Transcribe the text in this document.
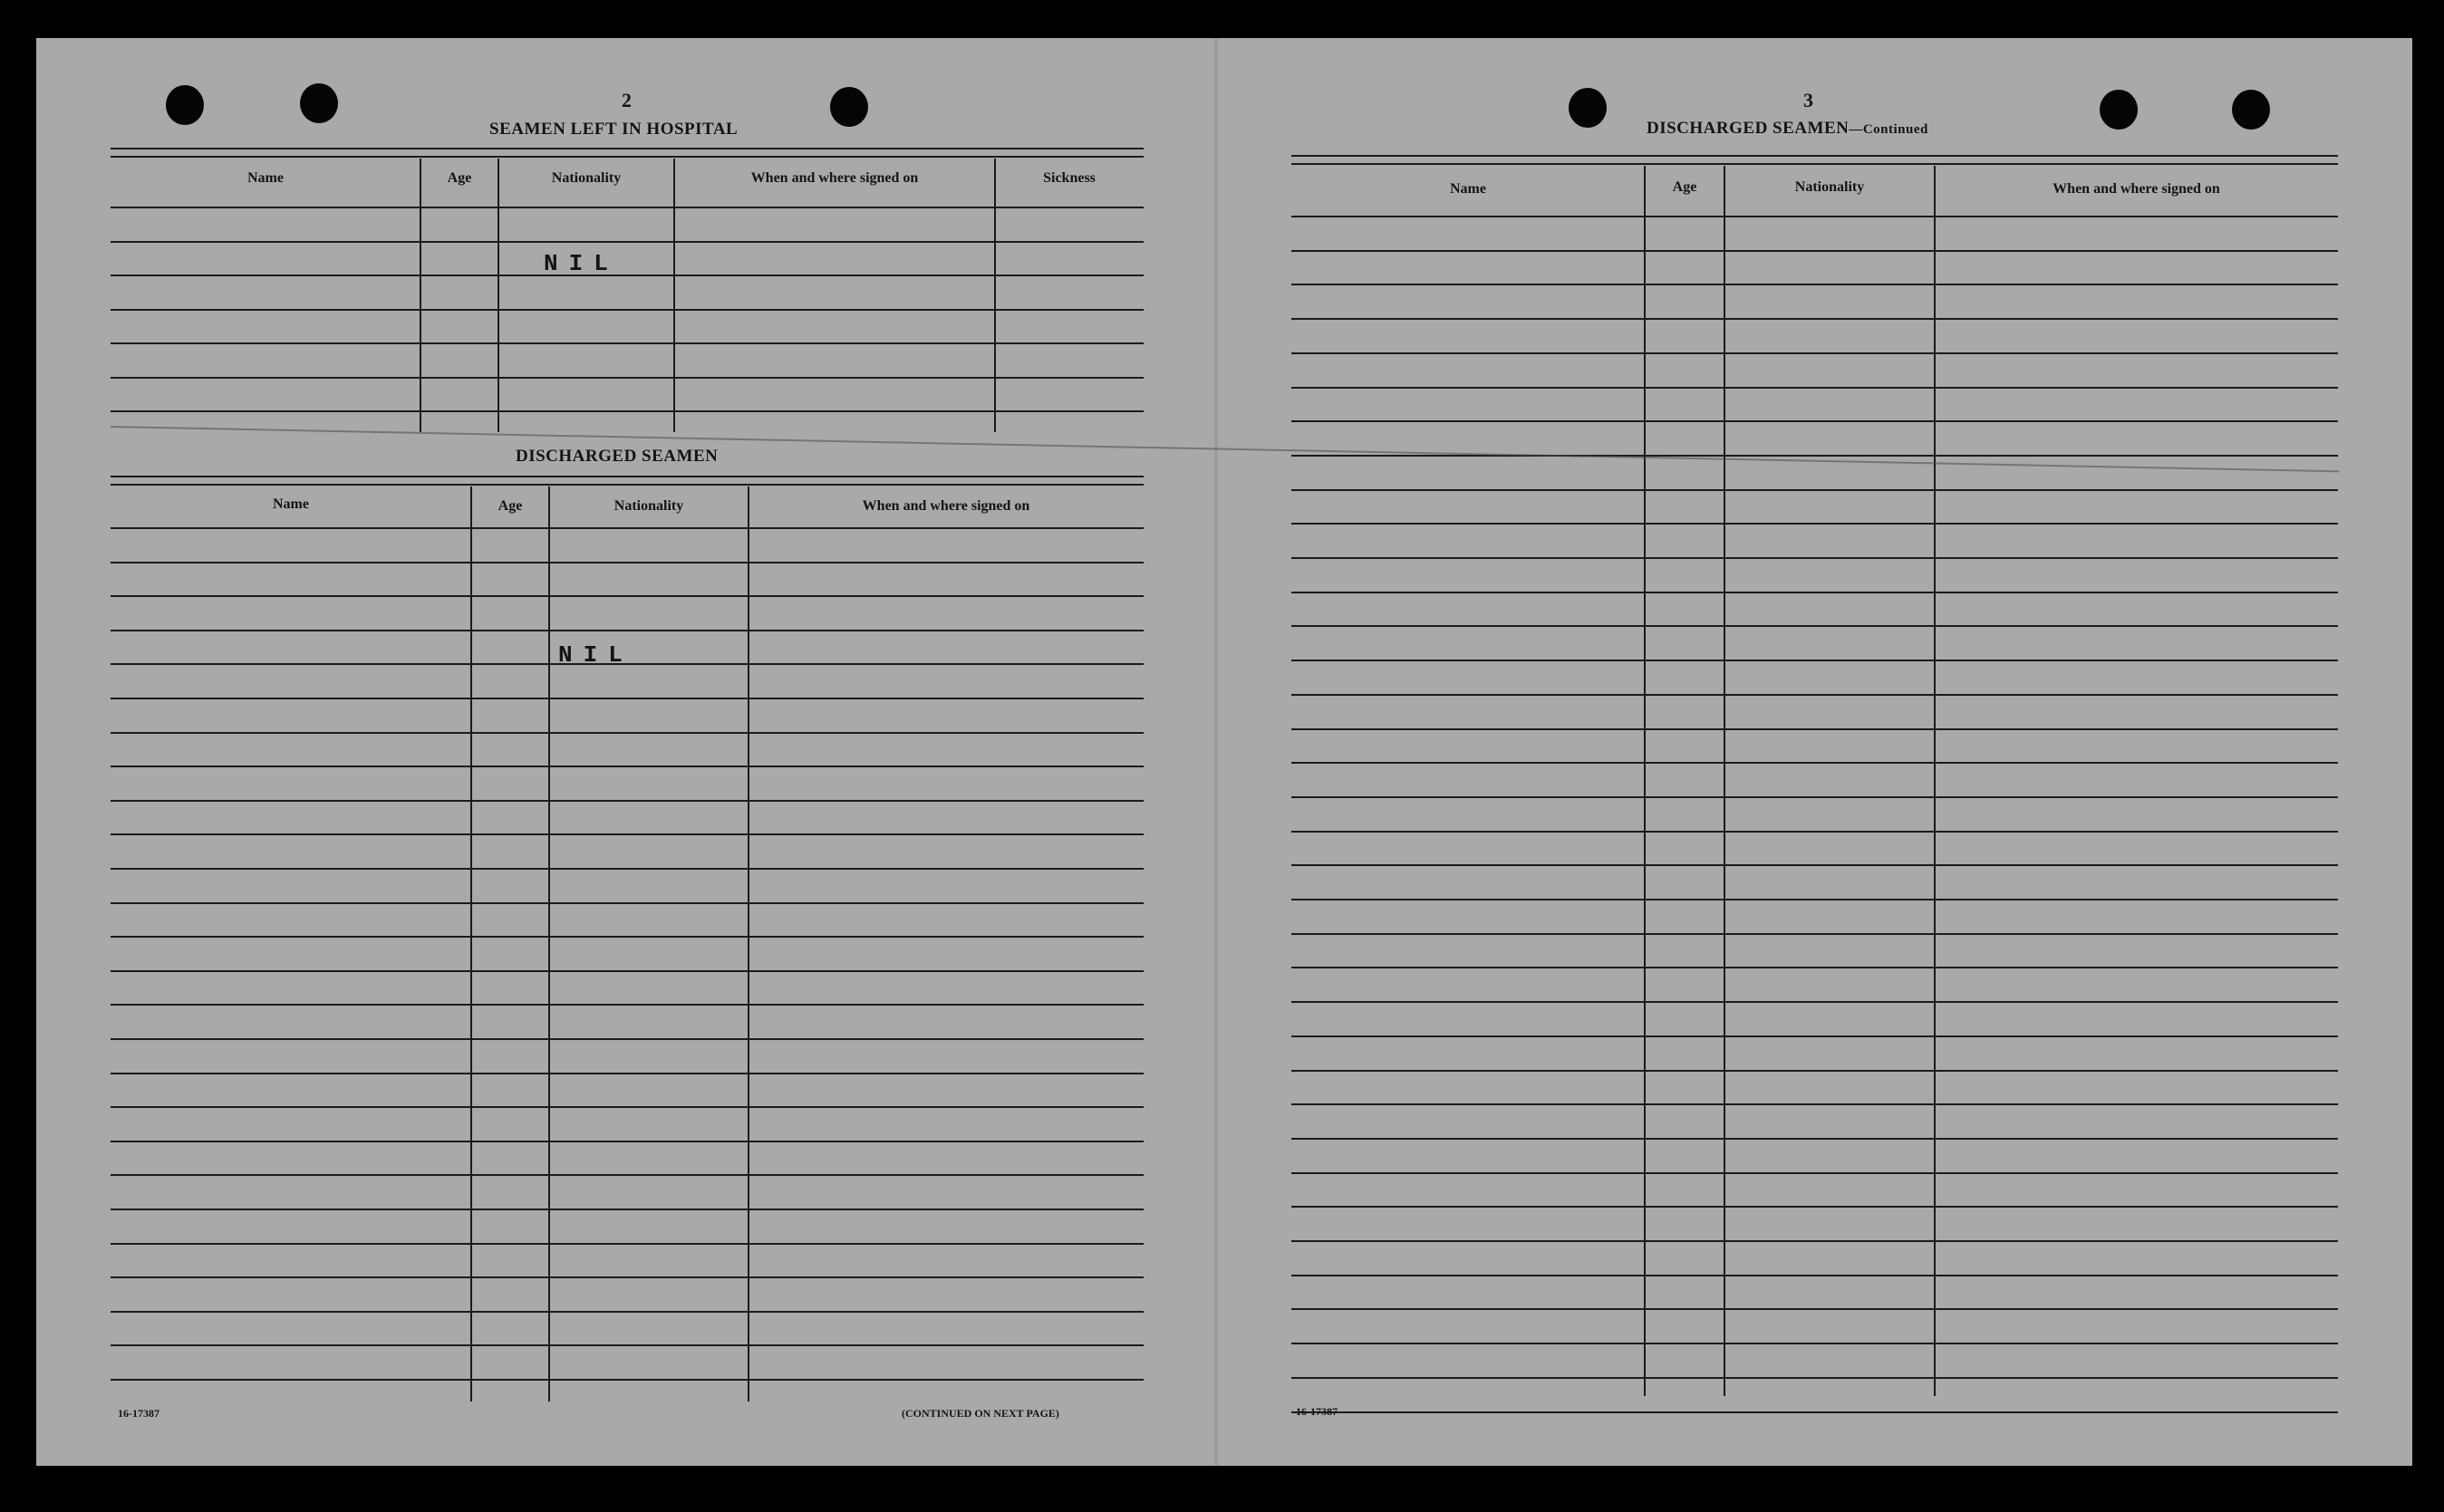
2
SEAMEN LEFT IN HOSPITAL
Name	Age	Nationality	When and where signed on	Sickness
NIL
DISCHARGED SEAMEN
Name	Age	Nationality	When and where signed on
NIL
16-17387	(CONTINUED ON NEXT PAGE)
3
DISCHARGED SEAMEN—Continued
Name	Age	Nationality	When and where signed on
16-17387
